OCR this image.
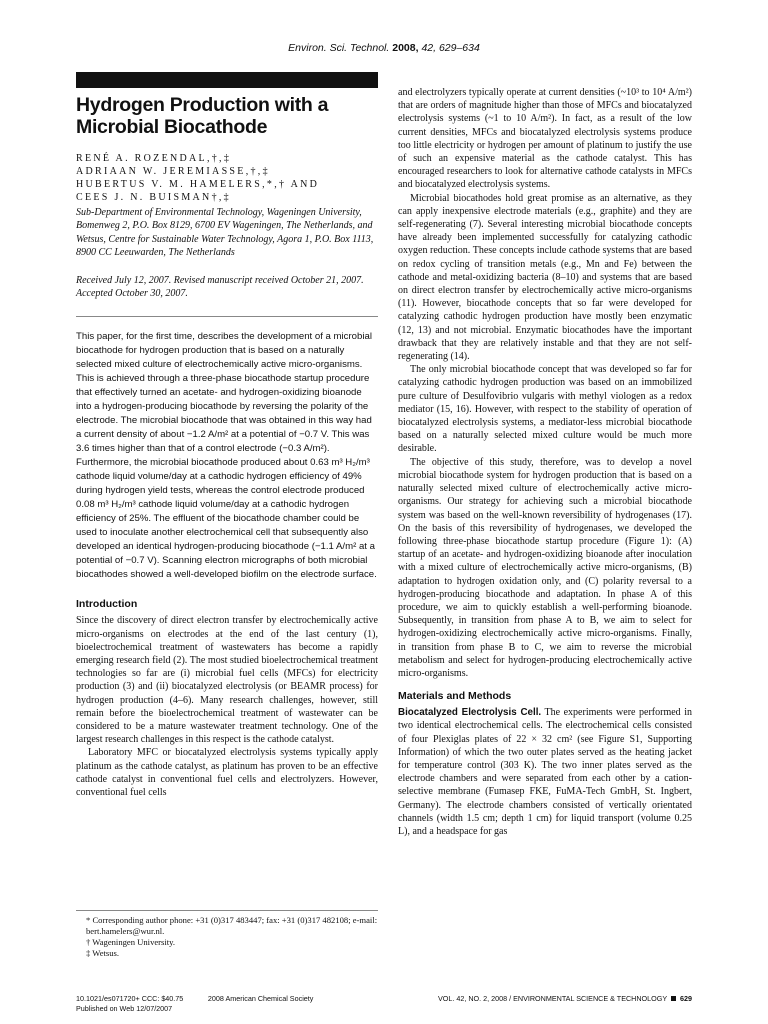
Environ. Sci. Technol. 2008, 42, 629–634
Hydrogen Production with a
Microbial Biocathode
RENÉ A. ROZENDAL,†,‡
ADRIAAN W. JEREMIASSE,†,‡
HUBERTUS V. M. HAMELERS,*,† AND
CEES J. N. BUISMAN†,‡
Sub-Department of Environmental Technology, Wageningen University, Bomenweg 2, P.O. Box 8129, 6700 EV Wageningen, The Netherlands, and Wetsus, Centre for Sustainable Water Technology, Agora 1, P.O. Box 1113, 8900 CC Leeuwarden, The Netherlands
Received July 12, 2007. Revised manuscript received October 21, 2007. Accepted October 30, 2007.
This paper, for the first time, describes the development of a microbial biocathode for hydrogen production that is based on a naturally selected mixed culture of electrochemically active micro-organisms. This is achieved through a three-phase biocathode startup procedure that effectively turned an acetate- and hydrogen-oxidizing bioanode into a hydrogen-producing biocathode by reversing the polarity of the electrode. The microbial biocathode that was obtained in this way had a current density of about −1.2 A/m² at a potential of −0.7 V. This was 3.6 times higher than that of a control electrode (−0.3 A/m²). Furthermore, the microbial biocathode produced about 0.63 m³ H₂/m³ cathode liquid volume/day at a cathodic hydrogen efficiency of 49% during hydrogen yield tests, whereas the control electrode produced 0.08 m³ H₂/m³ cathode liquid volume/day at a cathodic hydrogen efficiency of 25%. The effluent of the biocathode chamber could be used to inoculate another electrochemical cell that subsequently also developed an identical hydrogen-producing biocathode (−1.1 A/m² at a potential of −0.7 V). Scanning electron micrographs of both microbial biocathodes showed a well-developed biofilm on the electrode surface.
Introduction

Since the discovery of direct electron transfer by electrochemically active micro-organisms on electrodes at the end of the last century (1), bioelectrochemical treatment of wastewaters has become a rapidly emerging research field (2). The most studied bioelectrochemical treatment technologies so far are (i) microbial fuel cells (MFCs) for electricity production (3) and (ii) biocatalyzed electrolysis (or BEAMR process) for hydrogen production (4–6). Many research challenges, however, still remain before the bioelectrochemical treatment of wastewater can be considered to be a mature wastewater treatment technology. One of the largest research challenges in this respect is the cathode catalyst.

Laboratory MFC or biocatalyzed electrolysis systems typically apply platinum as the cathode catalyst, as platinum has proven to be an effective cathode catalyst in conventional fuel cells and electrolyzers. However, conventional fuel cells

and electrolyzers typically operate at current densities (~10³ to 10⁴ A/m²) that are orders of magnitude higher than those of MFCs and biocatalyzed electrolysis systems (~1 to 10 A/m²). In fact, as a result of the low current densities, MFCs and biocatalyzed electrolysis systems produce too little electricity or hydrogen per amount of platinum to justify the use of such an expensive material as the cathode catalyst. This has encouraged researchers to look for alternative cathode catalysts in MFCs and biocatalyzed electrolysis systems.

Microbial biocathodes hold great promise as an alternative, as they can apply inexpensive electrode materials (e.g., graphite) and they are self-regenerating (7). Several interesting microbial biocathode concepts have already been implemented successfully for catalyzing cathodic oxygen reduction. These concepts include cathode systems that are based on redox cycling of transition metals (e.g., Mn and Fe) between the cathode and metal-oxidizing bacteria (8–10) and systems that are based on direct electron transfer by electrochemically active micro-organisms (11). However, biocathode concepts that so far were developed for catalyzing cathodic hydrogen production have mostly been enzymatic (12, 13) and not microbial. Enzymatic biocathodes have the important drawback that they are relatively instable and that they are not self-regenerating (14).

The only microbial biocathode concept that was developed so far for catalyzing cathodic hydrogen production was based on an immobilized pure culture of Desulfovibrio vulgaris with methyl viologen as a redox mediator (15, 16). However, with respect to the stability of operation of biocatalyzed electrolysis systems, a mediator-less microbial biocathode based on a naturally selected mixed culture would be much more desirable.

The objective of this study, therefore, was to develop a novel microbial biocathode system for hydrogen production that is based on a naturally selected mixed culture of electrochemically active micro-organisms. Our strategy for achieving such a microbial biocathode system was based on the well-known reversibility of hydrogenases (17). On the basis of this reversibility of hydrogenases, we developed the following three-phase biocathode startup procedure (Figure 1): (A) startup of an acetate- and hydrogen-oxidizing bioanode after inoculation with a mixed culture of electrochemically active micro-organisms, (B) adaptation to hydrogen oxidation only, and (C) polarity reversal to a hydrogen-producing biocathode and adaptation. In phase A of this procedure, we aim to quickly establish a well-performing bioanode. Subsequently, in transition from phase A to B, we aim to select for hydrogen-oxidizing electrochemically active micro-organisms. Finally, in transition from phase B to C, we aim to reverse the microbial metabolism and select for hydrogen-producing electrochemically active micro-organisms.

Materials and Methods

Biocatalyzed Electrolysis Cell. The experiments were performed in two identical electrochemical cells. The electrochemical cells consisted of four Plexiglas plates of 22 × 32 cm² (see Figure S1, Supporting Information) of which the two outer plates served as the heating jacket for temperature control (303 K). The two inner plates served as the electrode chambers and were separated from each other by a cation-selective membrane (Fumasep FKE, FuMA-Tech GmbH, St. Ingbert, Germany). The electrode chambers consisted of vertically orientated channels (width 1.5 cm; depth 1 cm) for liquid transport (volume 0.25 L), and a headspace for gas

* Corresponding author phone: +31 (0)317 483447; fax: +31 (0)317 482108; e-mail: bert.hamelers@wur.nl.

† Wageningen University.

‡ Wetsus.

10.1021/es071720+ CCC: $40.75	2008 American Chemical Society
Published on Web 12/07/2007
VOL. 42, NO. 2, 2008 / ENVIRONMENTAL SCIENCE & TECHNOLOGY 629
